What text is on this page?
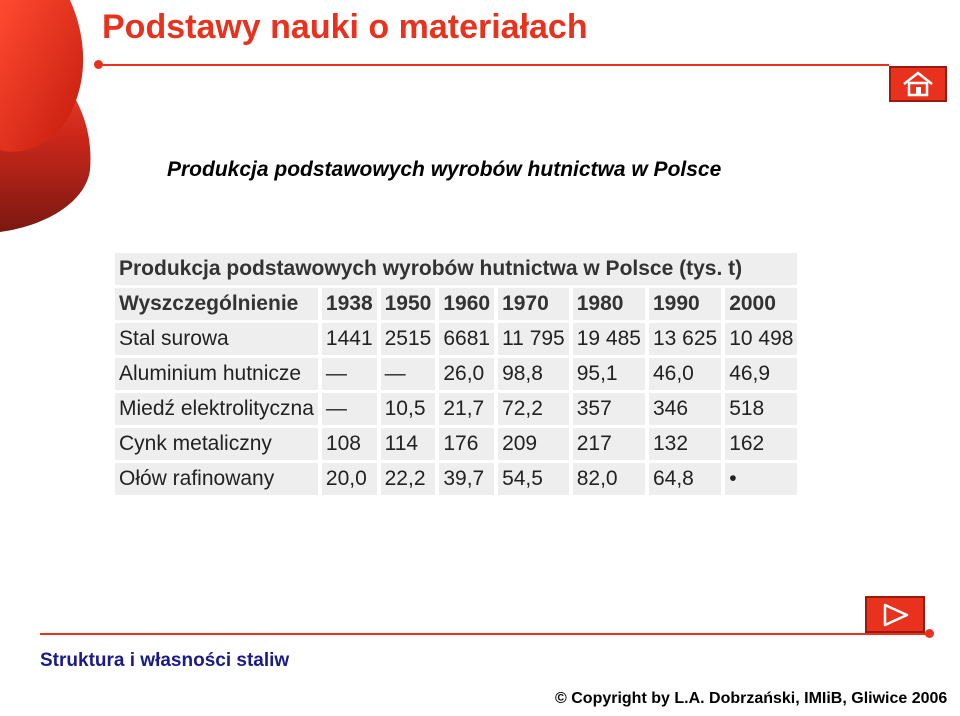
Podstawy nauki o materiałach
Produkcja podstawowych wyrobów hutnictwa w Polsce
Produkcja podstawowych wyrobów hutnictwa w Polsce (tys. t)							
Wyszczególnienie	1938	1950	1960	1970	1980	1990	2000
Stal surowa	1441	2515	6681	11 795	19 485	13 625	10 498
Aluminium hutnicze	—	—	26,0	98,8	95,1	46,0	46,9
Miedź elektrolityczna	—	10,5	21,7	72,2	357	346	518
Cynk metaliczny	108	114	176	209	217	132	162
Ołów rafinowany	20,0	22,2	39,7	54,5	82,0	64,8	•
Struktura i własności staliw
© Copyright by L.A. Dobrzański, IMIiB, Gliwice 2006
